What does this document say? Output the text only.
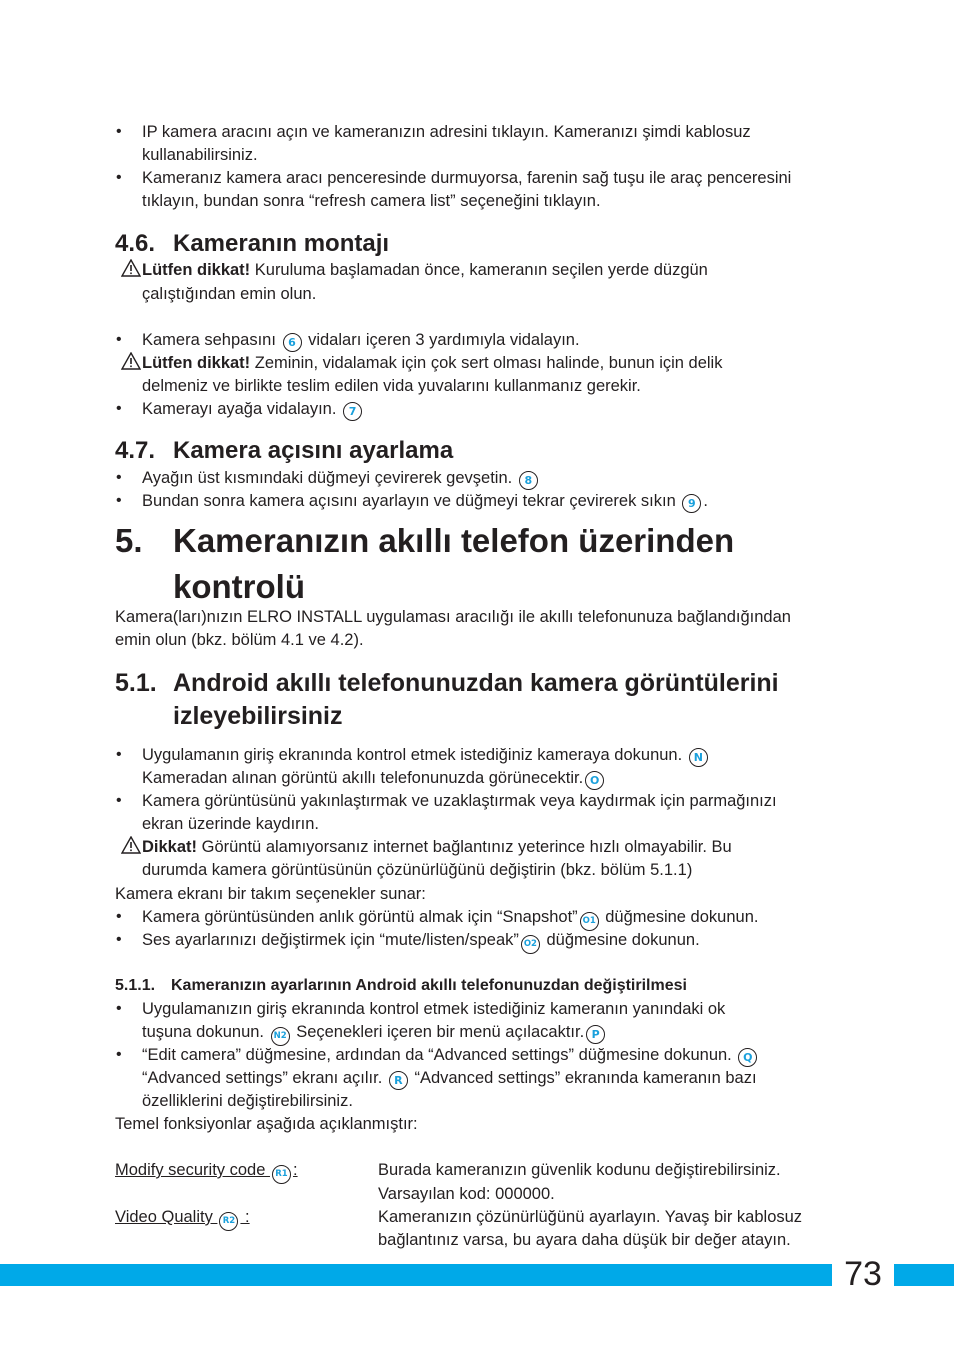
• IP kamera aracını açın ve kameranızın adresini tıklayın. Kameranızı şimdi kablosuz
kullanabilirsiniz.
• Kameranız kamera aracı penceresinde durmuyorsa, farenin sağ tuşu ile araç penceresini
tıklayın, bundan sonra “refresh camera list” seçeneğini tıklayın.
4.6. Kameranın montajı
Lütfen dikkat! Kuruluma başlamadan önce, kameranın seçilen yerde düzgün
çalıştığından emin olun.
• Kamera sehpasını 6 vidaları içeren 3 yardımıyla vidalayın.
Lütfen dikkat! Zeminin, vidalamak için çok sert olması halinde, bunun için delik
delmeniz ve birlikte teslim edilen vida yuvalarını kullanmanız gerekir.
• Kamerayı ayağa vidalayın. 7
4.7. Kamera açısını ayarlama
• Ayağın üst kısmındaki düğmeyi çevirerek gevşetin. 8
• Bundan sonra kamera açısını ayarlayın ve düğmeyi tekrar çevirerek sıkın 9 .
5. Kameranızın akıllı telefon üzerinden
kontrolü
Kamera(ları)nızın ELRO INSTALL uygulaması aracılığı ile akıllı telefonunuza bağlandığından
emin olun (bkz. bölüm 4.1 ve 4.2).
5.1. Android akıllı telefonunuzdan kamera görüntülerini
izleyebilirsiniz
• Uygulamanın giriş ekranında kontrol etmek istediğiniz kameraya dokunun. N
Kameradan alınan görüntü akıllı telefonunuzda görünecektir. O
• Kamera görüntüsünü yakınlaştırmak ve uzaklaştırmak veya kaydırmak için parmağınızı
ekran üzerinde kaydırın.
Dikkat! Görüntü alamıyorsanız internet bağlantınız yeterince hızlı olmayabilir. Bu
durumda kamera görüntüsünün çözünürlüğünü değiştirin (bkz. bölüm 5.1.1)
Kamera ekranı bir takım seçenekler sunar:
• Kamera görüntüsünden anlık görüntü almak için “Snapshot” O1 düğmesine dokunun.
• Ses ayarlarınızı değiştirmek için “mute/listen/speak” O2 düğmesine dokunun.
5.1.1. Kameranızın ayarlarının Android akıllı telefonunuzdan değiştirilmesi
• Uygulamanızın giriş ekranında kontrol etmek istediğiniz kameranın yanındaki ok
tuşuna dokunun. N2 Seçenekleri içeren bir menü açılacaktır. P
• “Edit camera” düğmesine, ardından da “Advanced settings” düğmesine dokunun. Q
“Advanced settings” ekranı açılır. R “Advanced settings” ekranında kameranın bazı
özelliklerini değiştirebilirsiniz.
Temel fonksiyonlar aşağıda açıklanmıştır:
Modify security code R1 :	Burada kameranızın güvenlik kodunu değiştirebilirsiniz.
Varsayılan kod: 000000.
Video Quality R2 :	Kameranızın çözünürlüğünü ayarlayın. Yavaş bir kablosuz
bağlantınız varsa, bu ayara daha düşük bir değer atayın.
73
